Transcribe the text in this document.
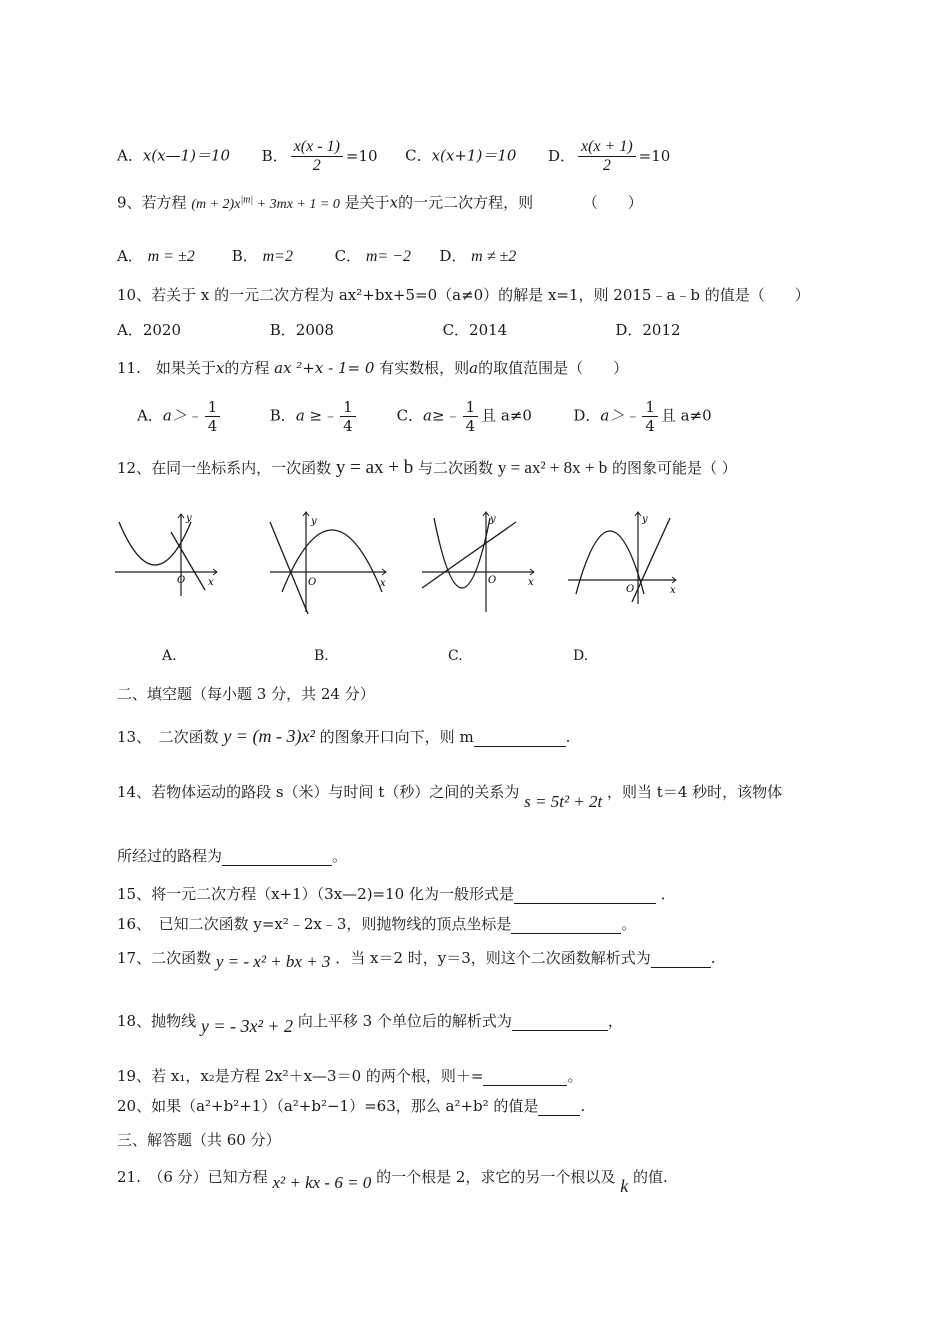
A．x(x—1)＝10 B． $\frac{x(x - 1)}{2} =10$ C．x(x+1)＝10 D． $\frac{x(x + 1)}{2} =10$
9、若方程 $(m + 2)x^{|m|} + 3mx + 1 = 0$ 是关于x的一元二次方程，则	（　　）
A． m = ±2 B． m=2	C． m= −2 D． m ≠ ±2
10、若关于 x 的一元二次方程为 ax²+bx+5=0（a≠0）的解是 x=1，则 2015﹣a﹣b 的值是（　　）
A．2020	B．2008	C．2014	D．2012
11.　如果关于x的方程 ax ²+x - 1= 0 有实数根，则a的取值范围是（　　）
A．a＞﹣ $\frac{1}{4}$	B．a ≥﹣ $\frac{1}{4}$	C．a≥﹣ $\frac{1}{4}$ 且 a≠0	D．a＞﹣ $\frac{1}{4}$ 且 a≠0
12、在同一坐标系内，一次函数 y = ax + b 与二次函数 y = ax² + 8x + b 的图象可能是（ ）
y
x
O
y
x
O
y
x
O
y
x
O
A.	B.	C.	D.
二、填空题（每小题 3 分，共 24 分）
13、　二次函数 y = (m - 3)x² 的图象开口向下，则 m	.
14、若物体运动的路段 s（米）与时间 t（秒）之间的关系为 s = 5t² + 2t ，则当 t＝4 秒时，该物体
所经过的路程为	。
15、将一元二次方程（x+1）（3x—2)=10 化为一般形式是	．
16、　已知二次函数 y=x²﹣2x﹣3，则抛物线的顶点坐标是	。
17、二次函数 y = - x² + bx + 3 ．当 x＝2 时，y＝3，则这个二次函数解析式为	.
18、抛物线 y = - 3x² + 2 向上平移 3 个单位后的解析式为	，
19、若 x₁，x₂是方程 2x²＋x—3＝0 的两个根，则＋=	。
20、如果（a²+b²+1）（a²+b²−1）=63，那么 a²+b² 的值是	.
三、解答题（共 60 分）
21.　（6 分）已知方程 x² + kx - 6 = 0 的一个根是 2，求它的另一个根以及 k 的值.
